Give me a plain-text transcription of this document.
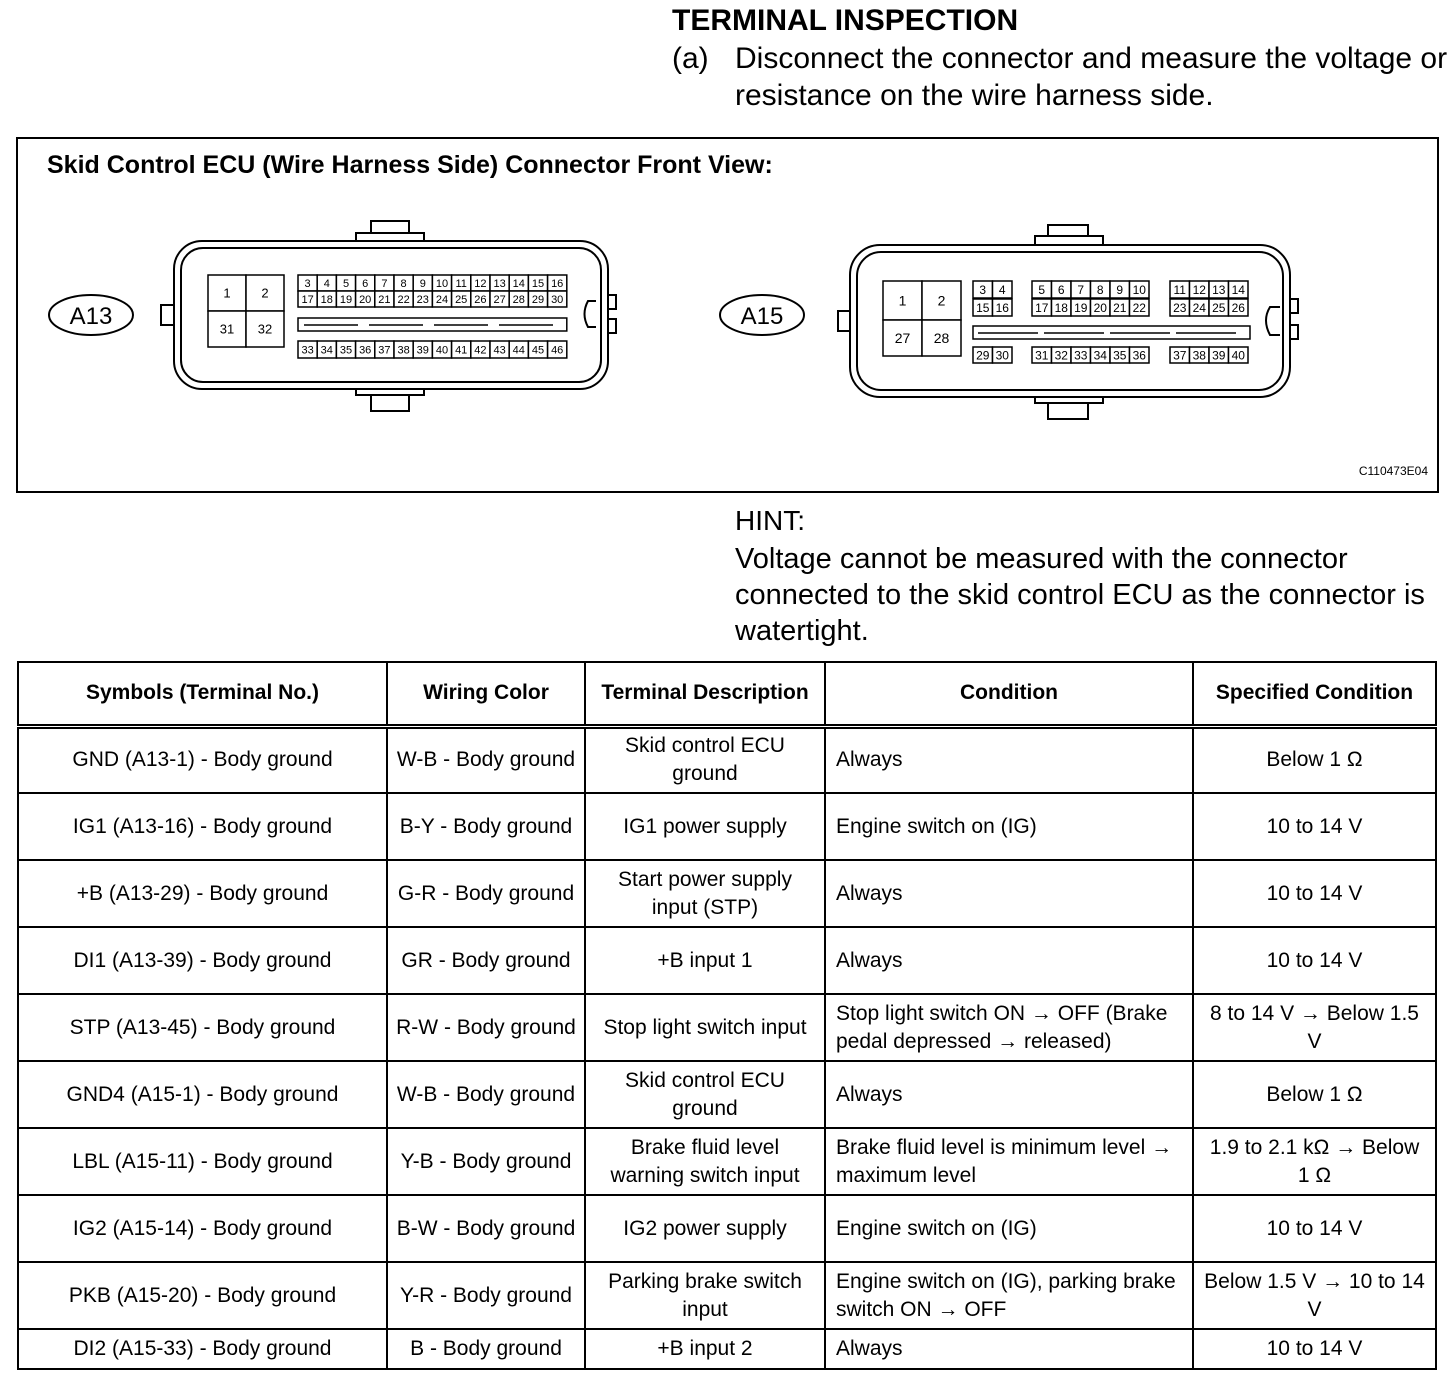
TERMINAL INSPECTION
(a) Disconnect the connector and measure the voltage or resistance on the wire harness side.
Skid Control ECU (Wire Harness Side) Connector Front View:
A13
1 2
31 32
3 4 5 6 7 8 9 10 11 12 13 14 15 16
17 18 19 20 21 22 23 24 25 26 27 28 29 30
33 34 35 36 37 38 39 40 41 42 43 44 45 46
A15
1 2
27 28
3 4	5 6 7 8 9 10 11 12 13 14
15 16 17 18 19 20 21 22 23 24 25 26
29 30 31 32 33 34 35 36 37 38 39 40
C110473E04
HINT:
Voltage cannot be measured with the connector connected to the skid control ECU as the connector is watertight.
Symbols (Terminal No.)	Wiring Color	Terminal Description	Condition	Specified Condition
GND (A13-1) - Body ground	W-B - Body ground	Skid control ECU ground	Always	Below 1 Ω
IG1 (A13-16) - Body ground	B-Y - Body ground	IG1 power supply	Engine switch on (IG)	10 to 14 V
+B (A13-29) - Body ground	G-R - Body ground	Start power supply input (STP)	Always	10 to 14 V
DI1 (A13-39) - Body ground	GR - Body ground	+B input 1	Always	10 to 14 V
STP (A13-45) - Body ground	R-W - Body ground	Stop light switch input	Stop light switch ON → OFF (Brake pedal depressed → released)	8 to 14 V → Below 1.5 V
GND4 (A15-1) - Body ground	W-B - Body ground	Skid control ECU ground	Always	Below 1 Ω
LBL (A15-11) - Body ground	Y-B - Body ground	Brake fluid level warning switch input	Brake fluid level is minimum level → maximum level	1.9 to 2.1 kΩ → Below 1 Ω
IG2 (A15-14) - Body ground	B-W - Body ground	IG2 power supply	Engine switch on (IG)	10 to 14 V
PKB (A15-20) - Body ground	Y-R - Body ground	Parking brake switch input	Engine switch on (IG), parking brake switch ON → OFF	Below 1.5 V → 10 to 14 V
DI2 (A15-33) - Body ground	B - Body ground	+B input 2	Always	10 to 14 V
